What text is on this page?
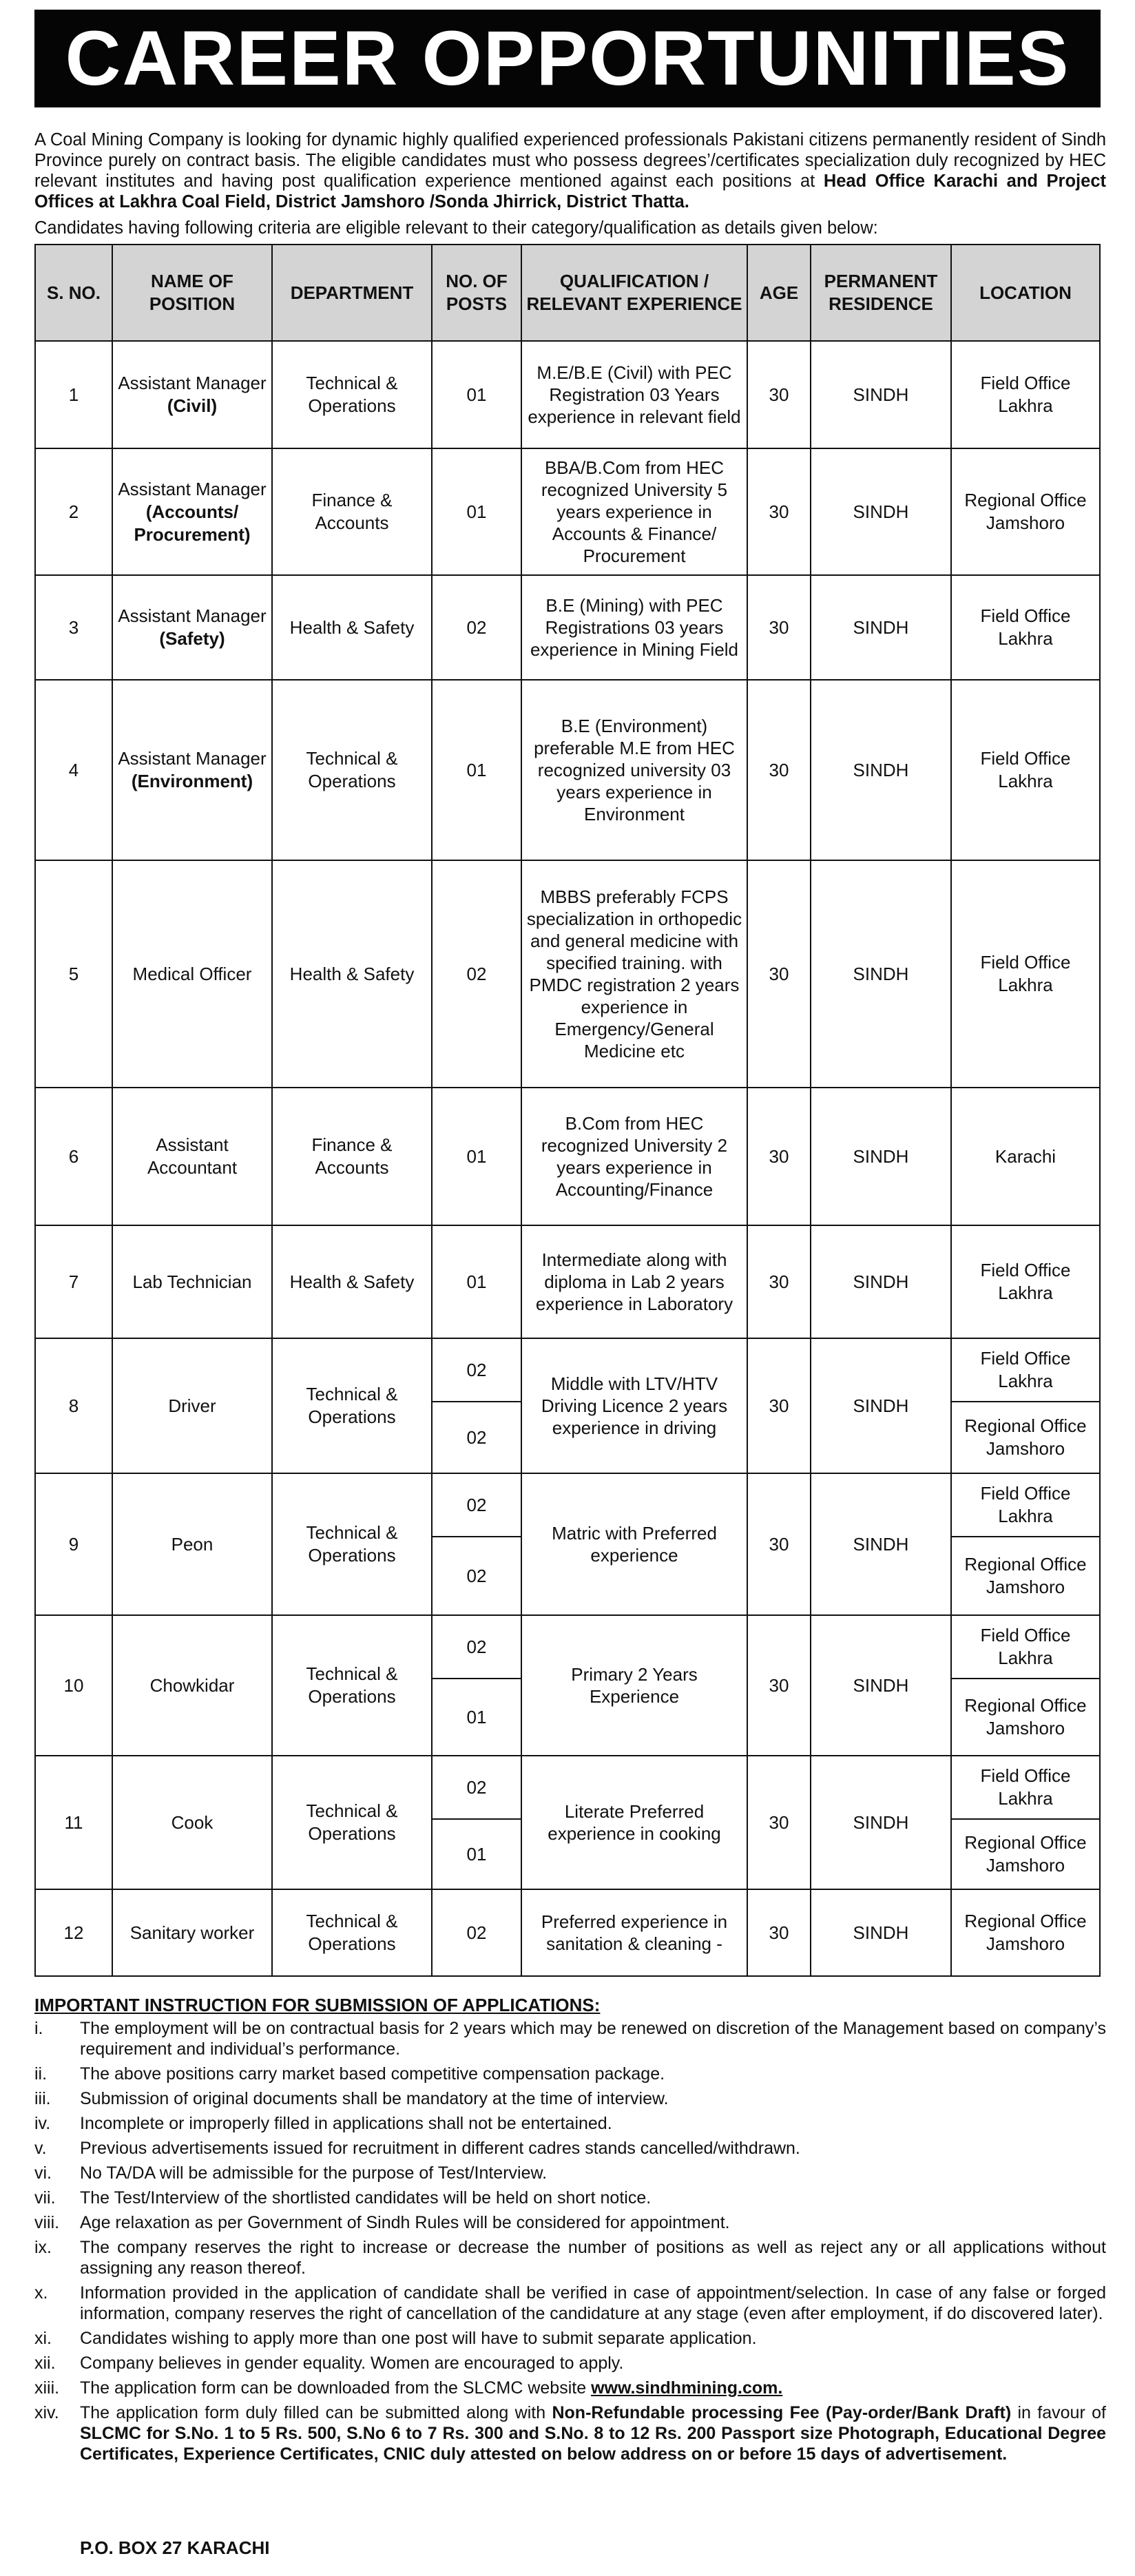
CAREER OPPORTUNITIES

A Coal Mining Company is looking for dynamic highly qualified experienced professionals Pakistani citizens permanently resident of Sindh Province purely on contract basis. The eligible candidates must who possess degrees’/certificates specialization duly recognized by HEC relevant institutes and having post qualification experience mentioned against each positions at Head Office Karachi and Project Offices at Lakhra Coal Field, District Jamshoro /Sonda Jhirrick, District Thatta.

Candidates having following criteria are eligible relevant to their category/qualification as details given below:

S. NO.	NAME OF POSITION	DEPARTMENT	NO. OF POSTS	QUALIFICATION / RELEVANT EXPERIENCE	AGE	PERMANENT RESIDENCE	LOCATION
1	Assistant Manager (Civil)	Technical & Operations	01	M.E/B.E (Civil) with PEC Registration 03 Years experience in relevant field	30	SINDH	Field Office Lakhra
2	Assistant Manager
(Accounts/ Procurement)	Finance & Accounts	01	BBA/B.Com from HEC recognized University 5 years experience in Accounts & Finance/ Procurement	30	SINDH	Regional Office Jamshoro
3	Assistant Manager
(Safety)	Health & Safety	02	B.E (Mining) with PEC Registrations 03 years experience in Mining Field	30	SINDH	Field Office Lakhra
4	Assistant Manager
(Environment)	Technical & Operations	01	B.E (Environment) preferable M.E from HEC recognized university 03 years experience in Environment	30	SINDH	Field Office Lakhra
5	Medical Officer	Health & Safety	02	MBBS preferably FCPS specialization in orthopedic and general medicine with specified training. with PMDC registration 2 years experience in Emergency/General Medicine etc	30	SINDH	Field Office Lakhra
6	Assistant Accountant	Finance & Accounts	01	B.Com from HEC recognized University 2 years experience in Accounting/Finance	30	SINDH	Karachi
7	Lab Technician	Health & Safety	01	Intermediate along with diploma in Lab 2 years experience in Laboratory	30	SINDH	Field Office Lakhra
8	Driver	Technical & Operations	02	Middle with LTV/HTV Driving Licence 2 years experience in driving	30	SINDH	Field Office Lakhra
			02				Regional Office Jamshoro
9	Peon	Technical & Operations	02	Matric with Preferred experience	30	SINDH	Field Office Lakhra
			02				Regional Office Jamshoro
10	Chowkidar	Technical & Operations	02	Primary 2 Years Experience	30	SINDH	Field Office Lakhra
			01				Regional Office Jamshoro
11	Cook	Technical & Operations	02	Literate Preferred experience in cooking	30	SINDH	Field Office Lakhra
			01				Regional Office Jamshoro
12	Sanitary worker	Technical & Operations	02	Preferred experience in sanitation & cleaning -	30	SINDH	Regional Office Jamshoro
IMPORTANT INSTRUCTION FOR SUBMISSION OF APPLICATIONS:
i.	The employment will be on contractual basis for 2 years which may be renewed on discretion of the Management based on company’s requirement and individual’s performance.
ii.	The above positions carry market based competitive compensation package.
iii.	Submission of original documents shall be mandatory at the time of interview.
iv.	Incomplete or improperly filled in applications shall not be entertained.
v.	Previous advertisements issued for recruitment in different cadres stands cancelled/withdrawn.
vi.	No TA/DA will be admissible for the purpose of Test/Interview.
vii.	The Test/Interview of the shortlisted candidates will be held on short notice.
viii.	Age relaxation as per Government of Sindh Rules will be considered for appointment.
ix.	The company reserves the right to increase or decrease the number of positions as well as reject any or all applications without assigning any reason thereof.
x.	Information provided in the application of candidate shall be verified in case of appointment/selection. In case of any false or forged information, company reserves the right of cancellation of the candidature at any stage (even after employment, if do discovered later).
xi.	Candidates wishing to apply more than one post will have to submit separate application.
xii.	Company believes in gender equality. Women are encouraged to apply.
xiii.	The application form can be downloaded from the SLCMC website www.sindhmining.com.
xiv.	The application form duly filled can be submitted along with Non-Refundable processing Fee (Pay-order/Bank Draft) in favour of SLCMC for S.No. 1 to 5 Rs. 500, S.No 6 to 7 Rs. 300 and S.No. 8 to 12 Rs. 200 Passport size Photograph, Educational Degree Certificates, Experience Certificates, CNIC duly attested on below address on or before 15 days of advertisement.
P.O. BOX 27 KARACHI
